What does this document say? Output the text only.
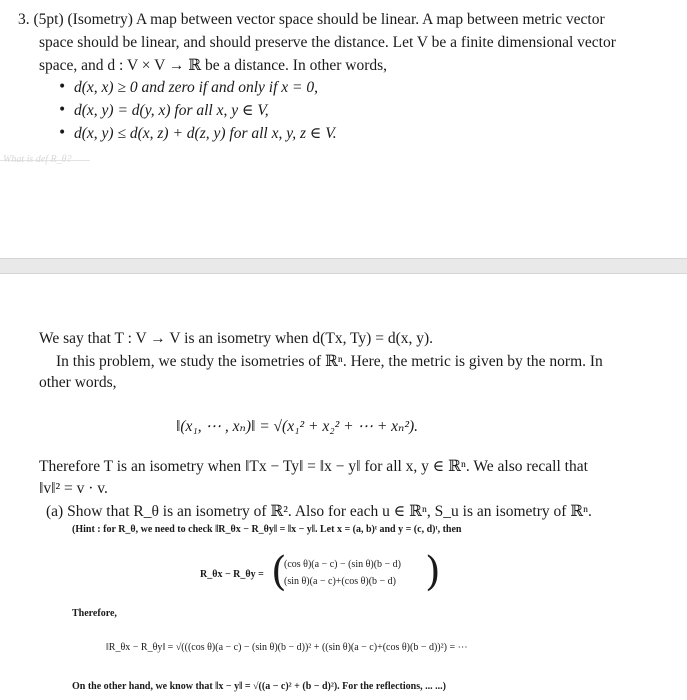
3. (5pt) (Isometry) A map between vector space should be linear. A map between metric vector
space should be linear, and should preserve the distance. Let V be a finite dimensional vector
space, and d : V × V → ℝ be a distance. In other words,
• d(x, x) ≥ 0 and zero if and only if x = 0,
• d(x, y) = d(y, x) for all x, y ∈ V,
• d(x, y) ≤ d(x, z) + d(z, y) for all x, y, z ∈ V.
What is def R_θ?
We say that T : V → V is an isometry when d(Tx, Ty) = d(x, y).
In this problem, we study the isometries of ℝⁿ. Here, the metric is given by the norm. In
other words,
‖(x₁, ⋯ , xₙ)‖ = √(x₁² + x₂² + ⋯ + xₙ²).
Therefore T is an isometry when ‖Tx − Ty‖ = ‖x − y‖ for all x, y ∈ ℝⁿ. We also recall that
‖v‖² = v · v.
(a) Show that R_θ is an isometry of ℝ². Also for each u ∈ ℝⁿ, S_u is an isometry of ℝⁿ.
(Hint : for R_θ, we need to check ‖R_θx − R_θy‖ = ‖x − y‖. Let x = (a, b)ᵗ and y = (c, d)ᵗ, then
R_θx − R_θy = (
(cos θ)(a − c) − (sin θ)(b − d)
(sin θ)(a − c)+(cos θ)(b − d) )
Therefore,
‖R_θx − R_θy‖ = √(((cos θ)(a − c) − (sin θ)(b − d))² + ((sin θ)(a − c)+(cos θ)(b − d))²) = ⋯
On the other hand, we know that ‖x − y‖ = √((a − c)² + (b − d)²). For the reflections, ... ...)
